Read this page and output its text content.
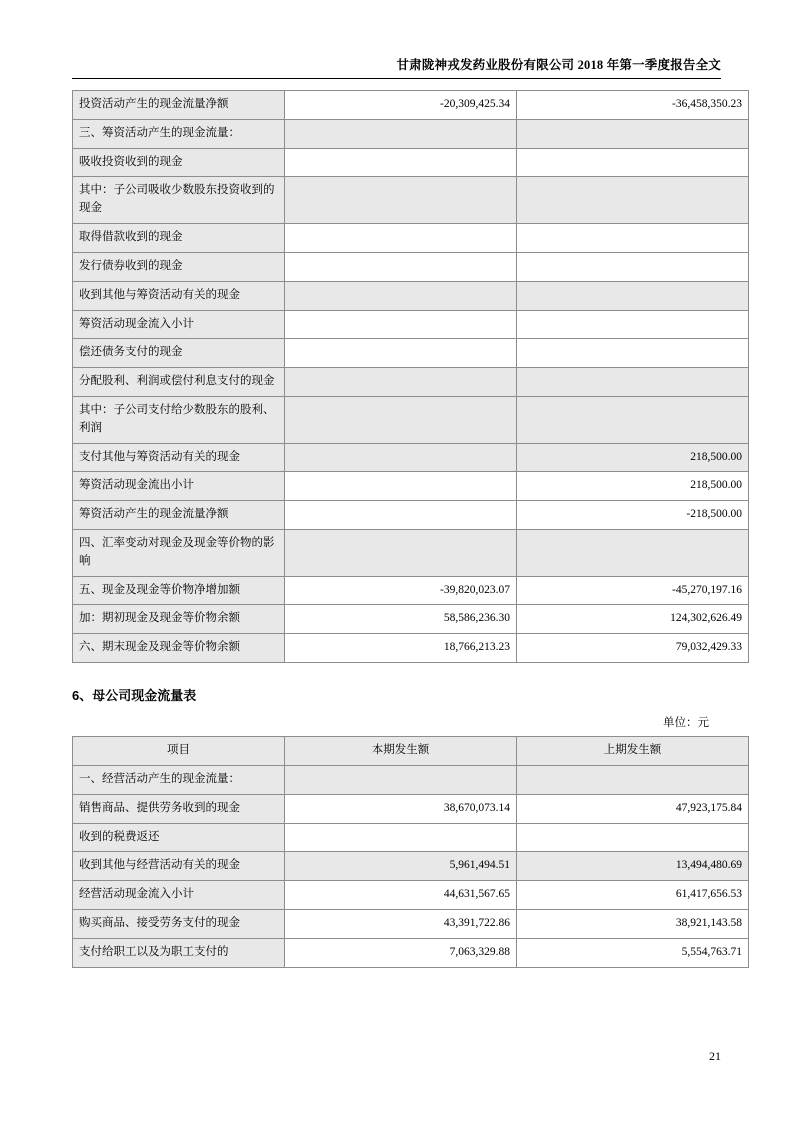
甘肃陇神戎发药业股份有限公司 2018 年第一季度报告全文
投资活动产生的现金流量净额	-20,309,425.34	-36,458,350.23
三、筹资活动产生的现金流量：		
吸收投资收到的现金		
其中：子公司吸收少数股东投资收到的现金		
取得借款收到的现金		
发行债券收到的现金		
收到其他与筹资活动有关的现金		
筹资活动现金流入小计		
偿还债务支付的现金		
分配股利、利润或偿付利息支付的现金		
其中：子公司支付给少数股东的股利、利润		
支付其他与筹资活动有关的现金		218,500.00
筹资活动现金流出小计		218,500.00
筹资活动产生的现金流量净额		-218,500.00
四、汇率变动对现金及现金等价物的影响		
五、现金及现金等价物净增加额	-39,820,023.07	-45,270,197.16
加：期初现金及现金等价物余额	58,586,236.30	124,302,626.49
六、期末现金及现金等价物余额	18,766,213.23	79,032,429.33
6、母公司现金流量表
单位：元
项目	本期发生额	上期发生额
一、经营活动产生的现金流量：		
销售商品、提供劳务收到的现金	38,670,073.14	47,923,175.84
收到的税费返还		
收到其他与经营活动有关的现金	5,961,494.51	13,494,480.69
经营活动现金流入小计	44,631,567.65	61,417,656.53
购买商品、接受劳务支付的现金	43,391,722.86	38,921,143.58
支付给职工以及为职工支付的	7,063,329.88	5,554,763.71
21
